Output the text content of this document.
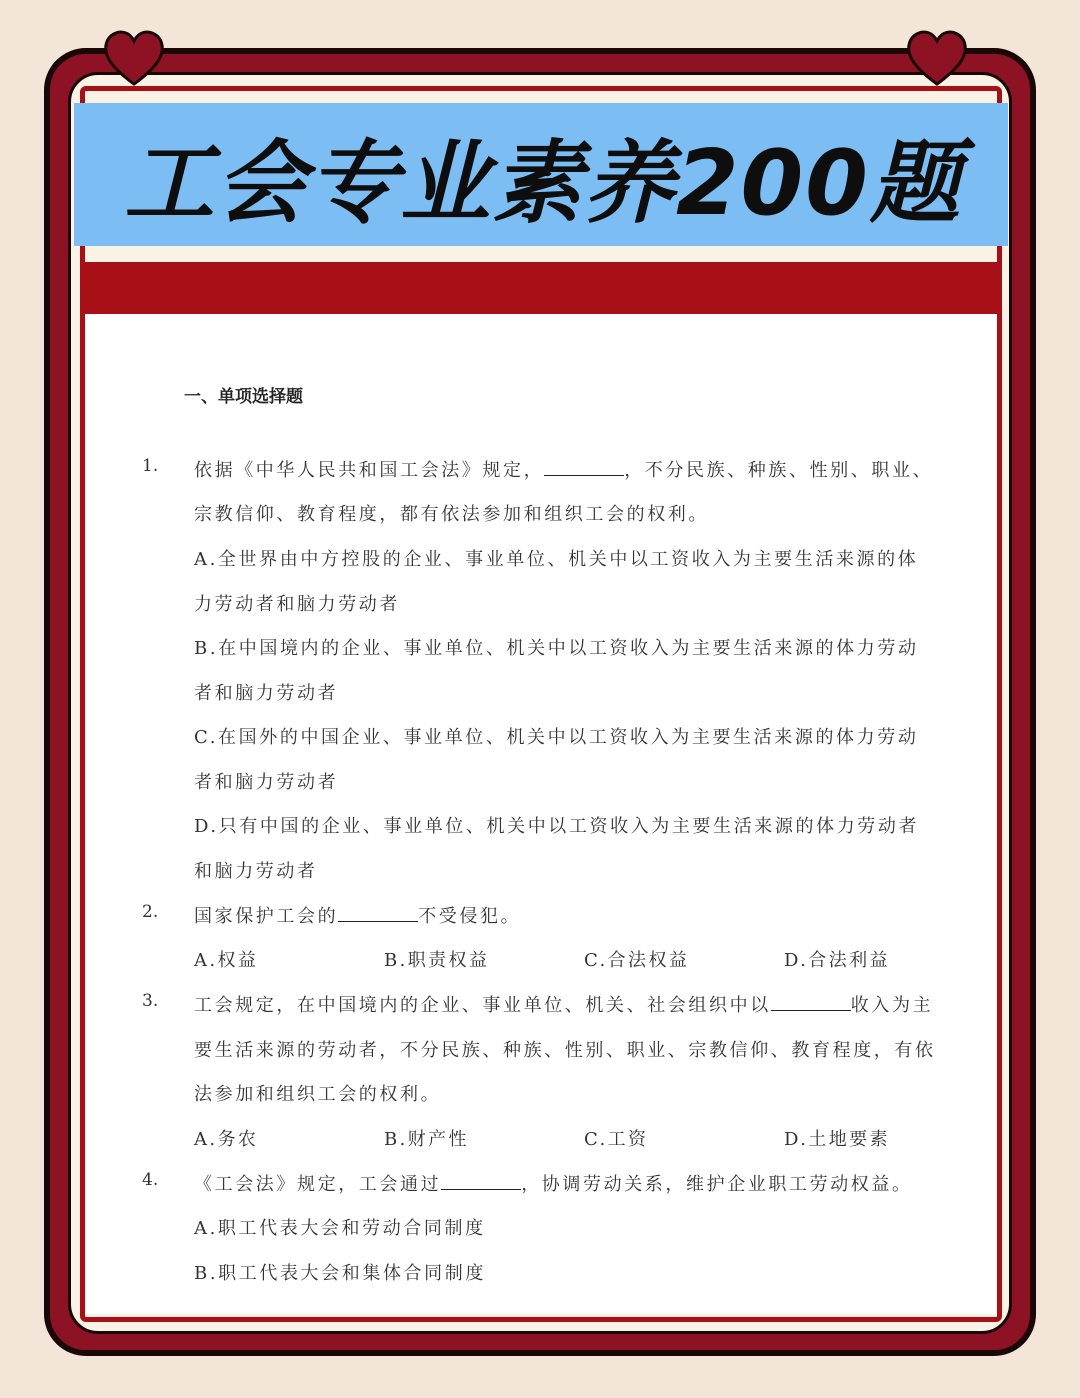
工会专业素养200题
一、单项选择题
1. 依据《中华人民共和国工会法》规定，	，不分民族、种族、性别、职业、
宗教信仰、教育程度，都有依法参加和组织工会的权利。
A.全世界由中方控股的企业、事业单位、机关中以工资收入为主要生活来源的体
力劳动者和脑力劳动者
B.在中国境内的企业、事业单位、机关中以工资收入为主要生活来源的体力劳动
者和脑力劳动者
C.在国外的中国企业、事业单位、机关中以工资收入为主要生活来源的体力劳动
者和脑力劳动者
D.只有中国的企业、事业单位、机关中以工资收入为主要生活来源的体力劳动者
和脑力劳动者
2. 国家保护工会的	不受侵犯。
A.权益	B.职责权益	C.合法权益	D.合法利益
3. 工会规定，在中国境内的企业、事业单位、机关、社会组织中以	收入为主
要生活来源的劳动者，不分民族、种族、性别、职业、宗教信仰、教育程度，有依
法参加和组织工会的权利。
A.务农	B.财产性	C.工资	D.土地要素
4. 《工会法》规定，工会通过	，协调劳动关系，维护企业职工劳动权益。
A.职工代表大会和劳动合同制度
B.职工代表大会和集体合同制度
